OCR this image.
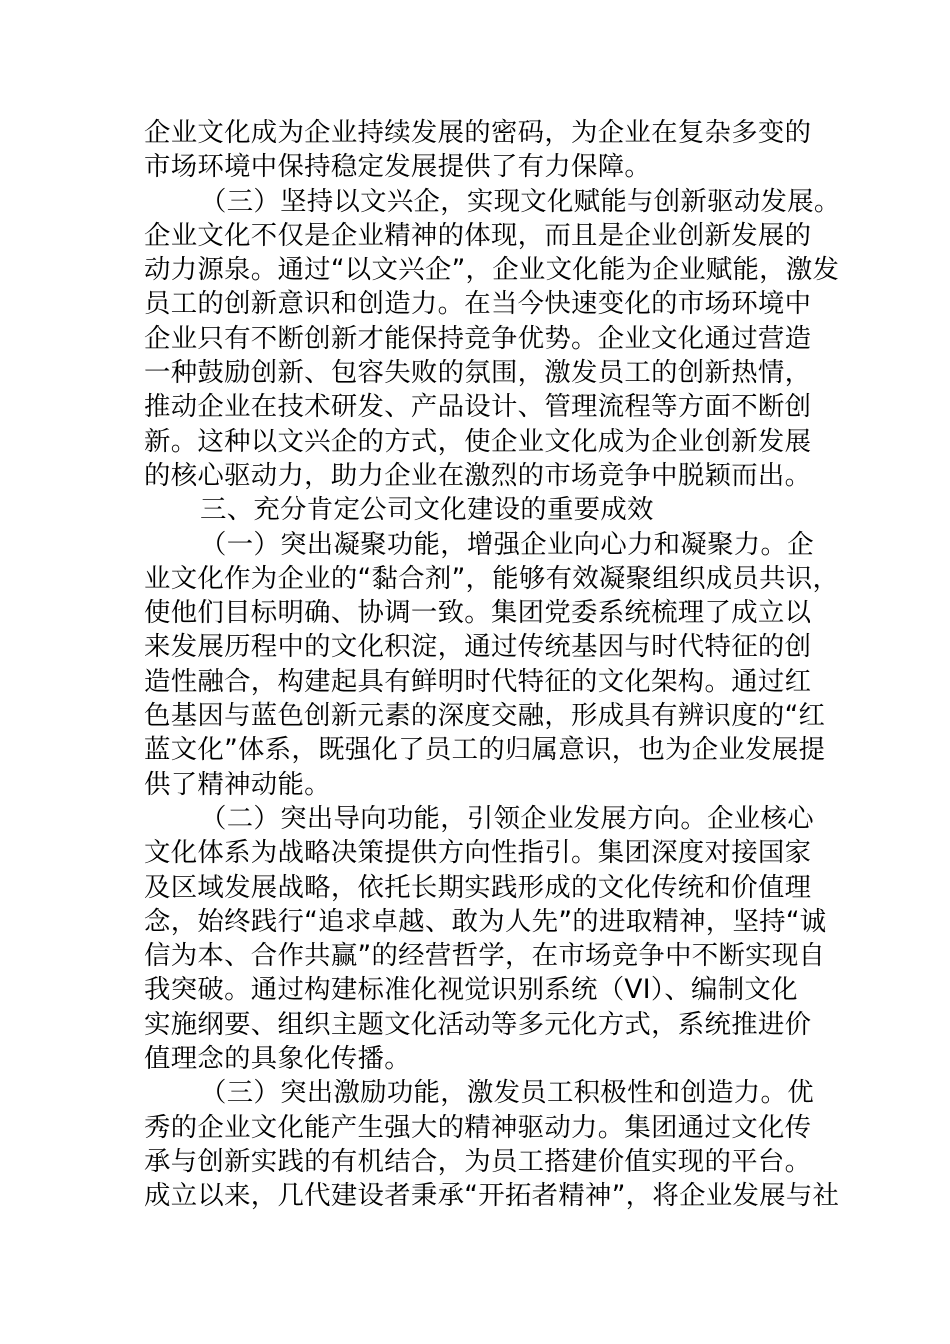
企业文化成为企业持续发展的密码，为企业在复杂多变的
市场环境中保持稳定发展提供了有力保障。
（三）坚持以文兴企，实现文化赋能与创新驱动发展。
企业文化不仅是企业精神的体现，而且是企业创新发展的
动力源泉。通过“以文兴企”，企业文化能为企业赋能，激发
员工的创新意识和创造力。在当今快速变化的市场环境中
企业只有不断创新才能保持竞争优势。企业文化通过营造
一种鼓励创新、包容失败的氛围，激发员工的创新热情，
推动企业在技术研发、产品设计、管理流程等方面不断创
新。这种以文兴企的方式，使企业文化成为企业创新发展
的核心驱动力，助力企业在激烈的市场竞争中脱颖而出。
三、充分肯定公司文化建设的重要成效
（一）突出凝聚功能，增强企业向心力和凝聚力。企
业文化作为企业的“黏合剂”，能够有效凝聚组织成员共识，
使他们目标明确、协调一致。集团党委系统梳理了成立以
来发展历程中的文化积淀，通过传统基因与时代特征的创
造性融合，构建起具有鲜明时代特征的文化架构。通过红
色基因与蓝色创新元素的深度交融，形成具有辨识度的“红
蓝文化”体系，既强化了员工的归属意识，也为企业发展提
供了精神动能。
（二）突出导向功能，引领企业发展方向。企业核心
文化体系为战略决策提供方向性指引。集团深度对接国家
及区域发展战略，依托长期实践形成的文化传统和价值理
念，始终践行“追求卓越、敢为人先”的进取精神，坚持“诚
信为本、合作共赢”的经营哲学，在市场竞争中不断实现自
我突破。通过构建标准化视觉识别系统（VI）、编制文化
实施纲要、组织主题文化活动等多元化方式，系统推进价
值理念的具象化传播。
（三）突出激励功能，激发员工积极性和创造力。优
秀的企业文化能产生强大的精神驱动力。集团通过文化传
承与创新实践的有机结合，为员工搭建价值实现的平台。
成立以来，几代建设者秉承“开拓者精神”，将企业发展与社
